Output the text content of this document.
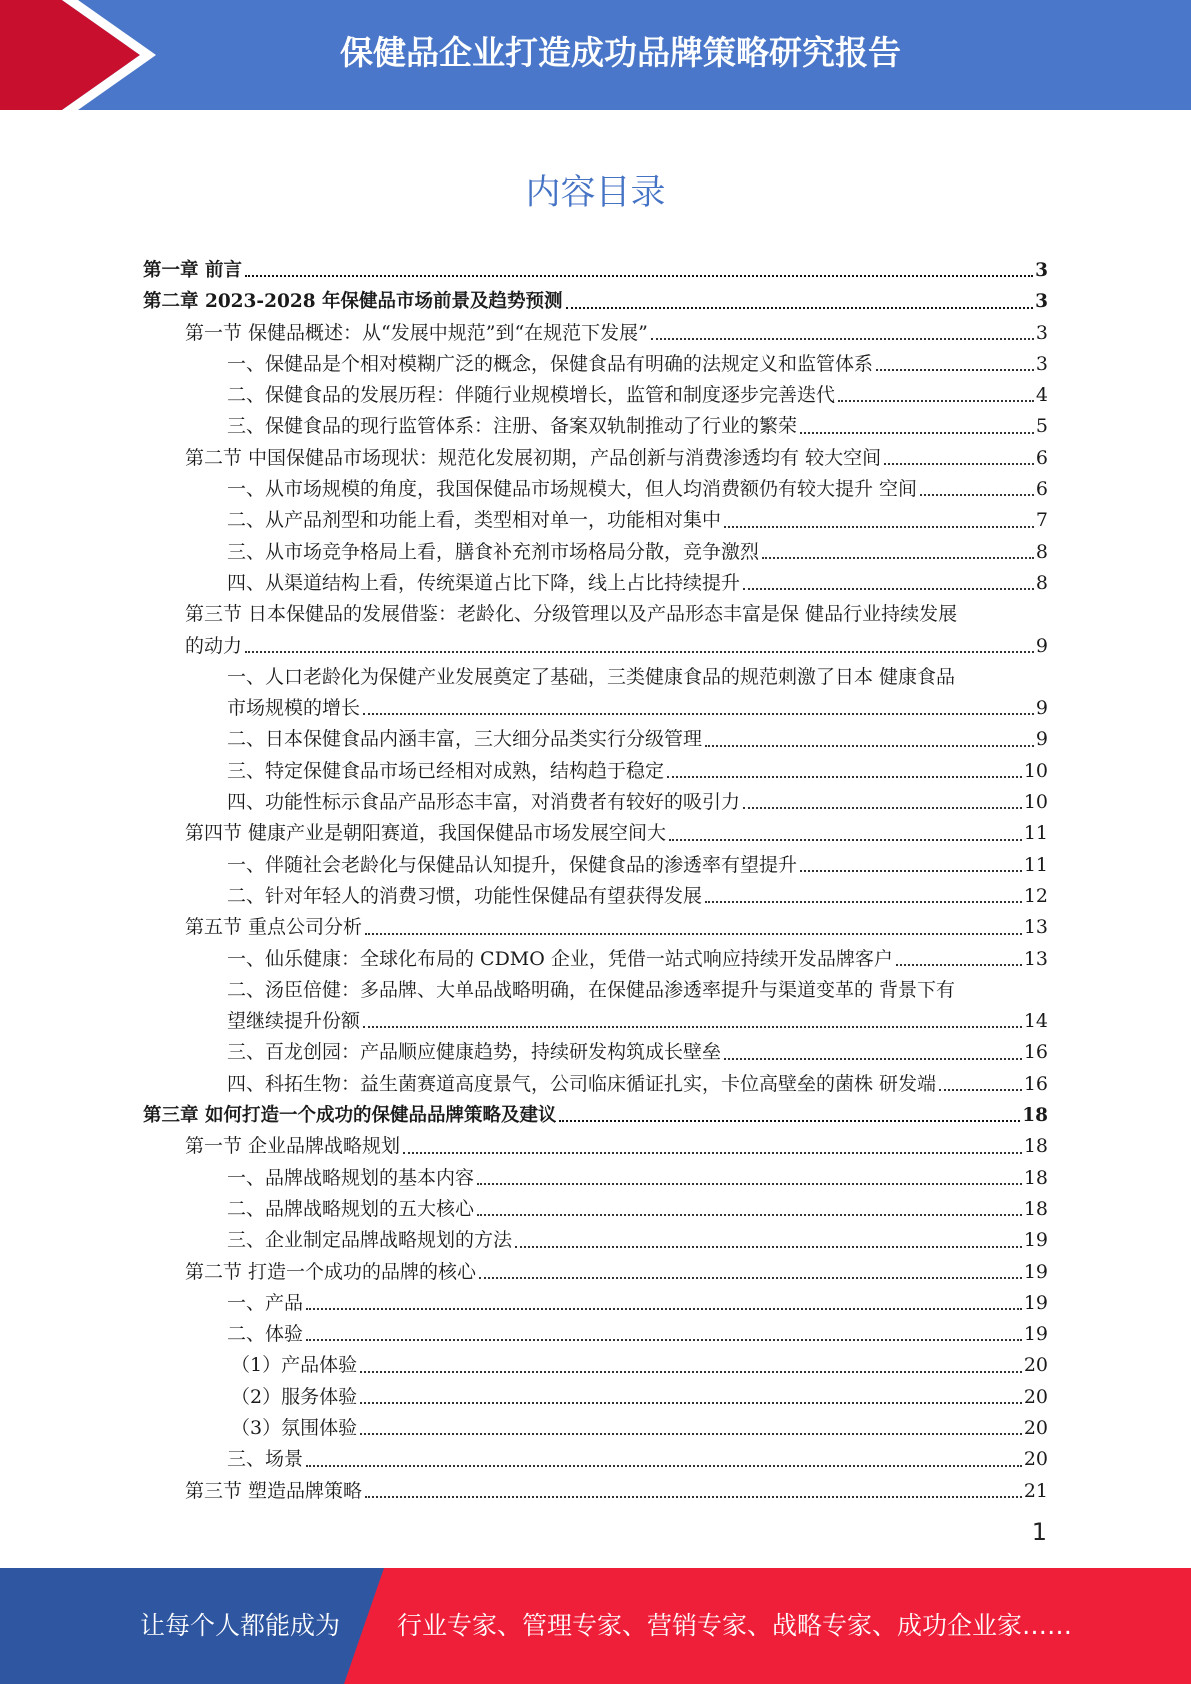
保健品企业打造成功品牌策略研究报告
内容目录
第一章 前言	3
第二章 2023-2028 年保健品市场前景及趋势预测	3
第一节 保健品概述：从“发展中规范”到“在规范下发展”	3
一、保健品是个相对模糊广泛的概念，保健食品有明确的法规定义和监管体系	3
二、保健食品的发展历程：伴随行业规模增长，监管和制度逐步完善迭代	4
三、保健食品的现行监管体系：注册、备案双轨制推动了行业的繁荣	5
第二节 中国保健品市场现状：规范化发展初期，产品创新与消费渗透均有 较大空间	6
一、从市场规模的角度，我国保健品市场规模大，但人均消费额仍有较大提升 空间	6
二、从产品剂型和功能上看，类型相对单一，功能相对集中	7
三、从市场竞争格局上看，膳食补充剂市场格局分散，竞争激烈	8
四、从渠道结构上看，传统渠道占比下降，线上占比持续提升	8
第三节 日本保健品的发展借鉴：老龄化、分级管理以及产品形态丰富是保 健品行业持续发展
的动力	9
一、人口老龄化为保健产业发展奠定了基础，三类健康食品的规范刺激了日本 健康食品
市场规模的增长	9
二、日本保健食品内涵丰富，三大细分品类实行分级管理	9
三、特定保健食品市场已经相对成熟，结构趋于稳定	10
四、功能性标示食品产品形态丰富，对消费者有较好的吸引力	10
第四节 健康产业是朝阳赛道，我国保健品市场发展空间大	11
一、伴随社会老龄化与保健品认知提升，保健食品的渗透率有望提升	11
二、针对年轻人的消费习惯，功能性保健品有望获得发展	12
第五节 重点公司分析	13
一、仙乐健康：全球化布局的 CDMO 企业，凭借一站式响应持续开发品牌客户	13
二、汤臣倍健：多品牌、大单品战略明确，在保健品渗透率提升与渠道变革的 背景下有
望继续提升份额	14
三、百龙创园：产品顺应健康趋势，持续研发构筑成长壁垒	16
四、科拓生物：益生菌赛道高度景气，公司临床循证扎实，卡位高壁垒的菌株 研发端	16
第三章 如何打造一个成功的保健品品牌策略及建议	18
第一节 企业品牌战略规划	18
一、品牌战略规划的基本内容	18
二、品牌战略规划的五大核心	18
三、企业制定品牌战略规划的方法	19
第二节 打造一个成功的品牌的核心	19
一、产品	19
二、体验	19
（1）产品体验	20
（2）服务体验	20
（3）氛围体验	20
三、场景	20
第三节 塑造品牌策略	21
1
让每个人都能成为 行业专家、管理专家、营销专家、战略专家、成功企业家……
